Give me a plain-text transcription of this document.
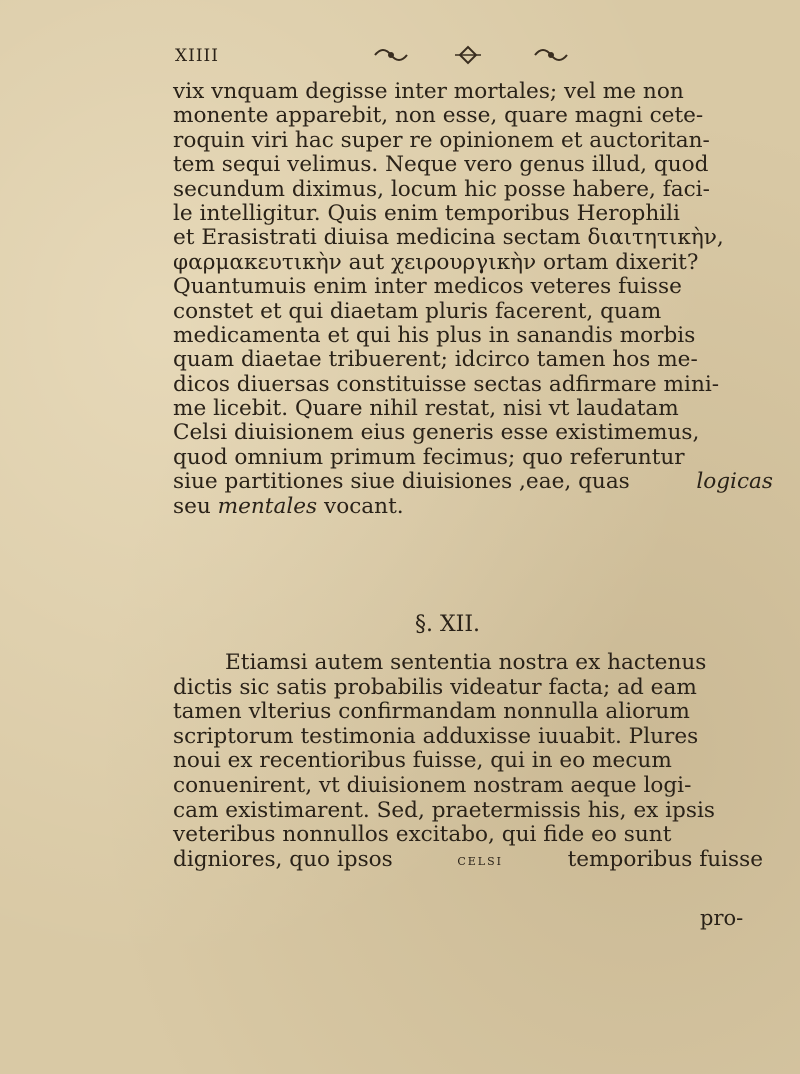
XIIII
vix vnquam degisse inter mortales; vel me non
monente apparebit, non esse, quare magni cete-
roquin viri hac super re opinionem et auctoritan-
tem sequi velimus. Neque vero genus illud, quod
secundum diximus, locum hic posse habere, faci-
le intelligitur. Quis enim temporibus Herophili
et Erasistrati diuisa medicina sectam διαιτητικὴν,
φαρμακευτικὴν aut χειρουργικὴν ortam dixerit?
Quantumuis enim inter medicos veteres fuisse
constet et qui diaetam pluris facerent, quam
medicamenta et qui his plus in sanandis morbis
quam diaetae tribuerent; idcirco tamen hos me-
dicos diuersas constituisse sectas adfirmare mini-
me licebit. Quare nihil restat, nisi vt laudatam
Celsi diuisionem eius generis esse existimemus,
quod omnium primum fecimus; quo referuntur
siue partitiones siue diuisiones ,eae, quas	logicas
seu mentales vocant.
§. XII.
Etiamsi autem sententia nostra ex hactenus
dictis sic satis probabilis videatur facta; ad eam
tamen vlterius confirmandam nonnulla aliorum
scriptorum testimonia adduxisse iuuabit. Plures
noui ex recentioribus fuisse, qui in eo mecum
conuenirent, vt diuisionem nostram aeque logi-
cam existimarent. Sed, praetermissis his, ex ipsis
veteribus nonnullos excitabo, qui fide eo sunt
digniores, quo ipsos	celsi	temporibus fuisse
pro-
